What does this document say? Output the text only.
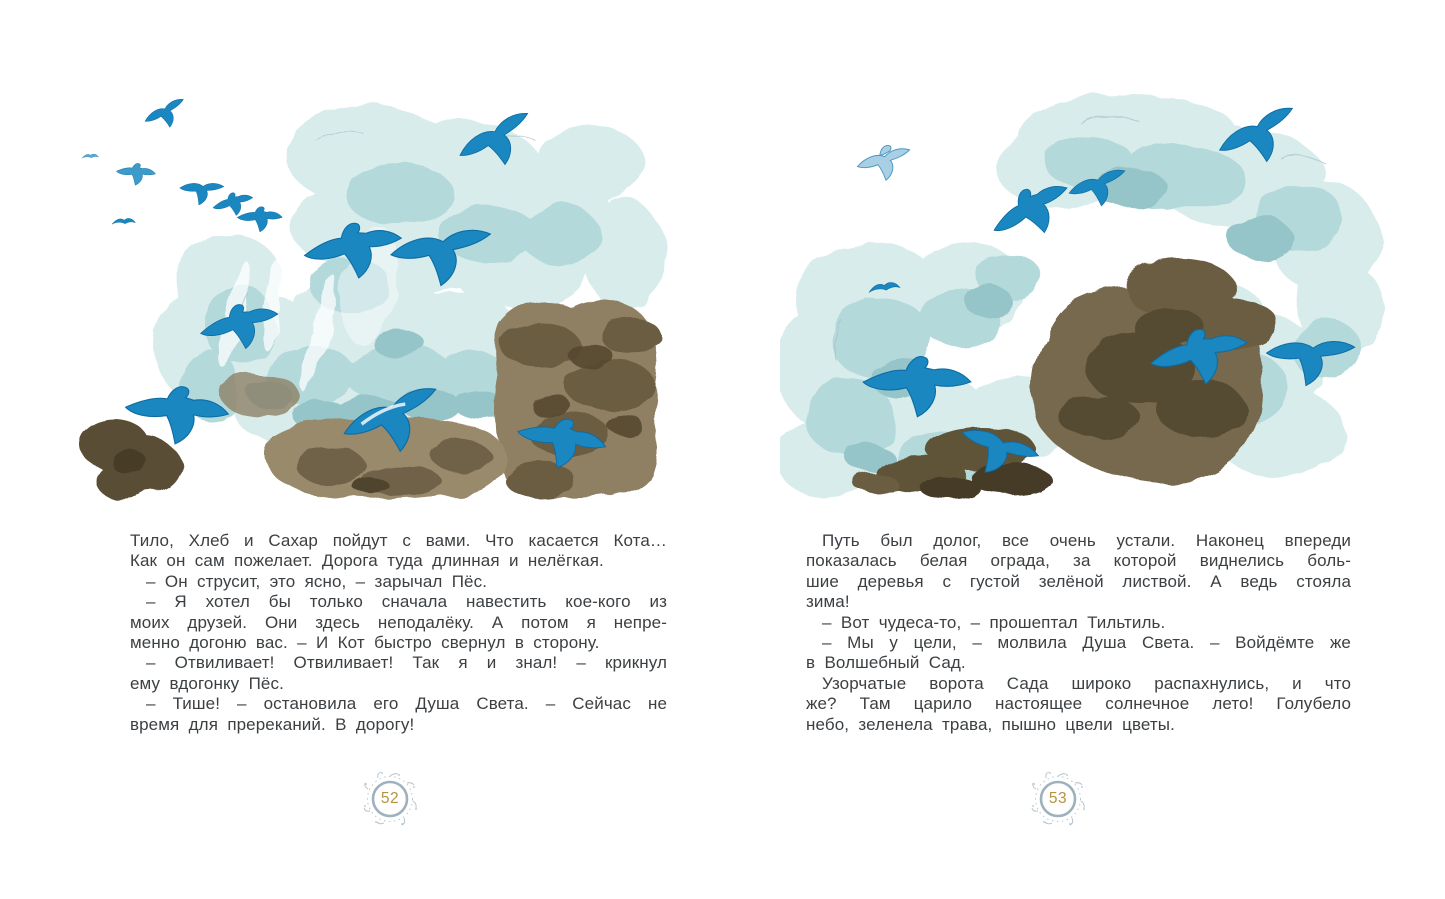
Тило, Хлеб и Сахар пойдут с вами. Что касается Кота…
Как он сам пожелает. Дорога туда длинная и нелёгкая.
– Он струсит, это ясно, – зарычал Пёс.
– Я хотел бы только сначала навестить кое-кого из
моих друзей. Они здесь неподалёку. А потом я непре-
менно догоню вас. – И Кот быстро свернул в сторону.
– Отвиливает! Отвиливает! Так я и знал! – крикнул
ему вдогонку Пёс.
– Тише! – остановила его Душа Света. – Сейчас не
время для пререканий. В дорогу!
Путь был долог, все очень устали. Наконец впереди
показалась белая ограда, за которой виднелись боль-
шие деревья с густой зелёной листвой. А ведь стояла
зима!
– Вот чудеса-то, – прошептал Тильтиль.
– Мы у цели, – молвила Душа Света. – Войдёмте же
в Волшебный Сад.
Узорчатые ворота Сада широко распахнулись, и что
же? Там царило настоящее солнечное лето! Голубело
небо, зеленела трава, пышно цвели цветы.
52	53
